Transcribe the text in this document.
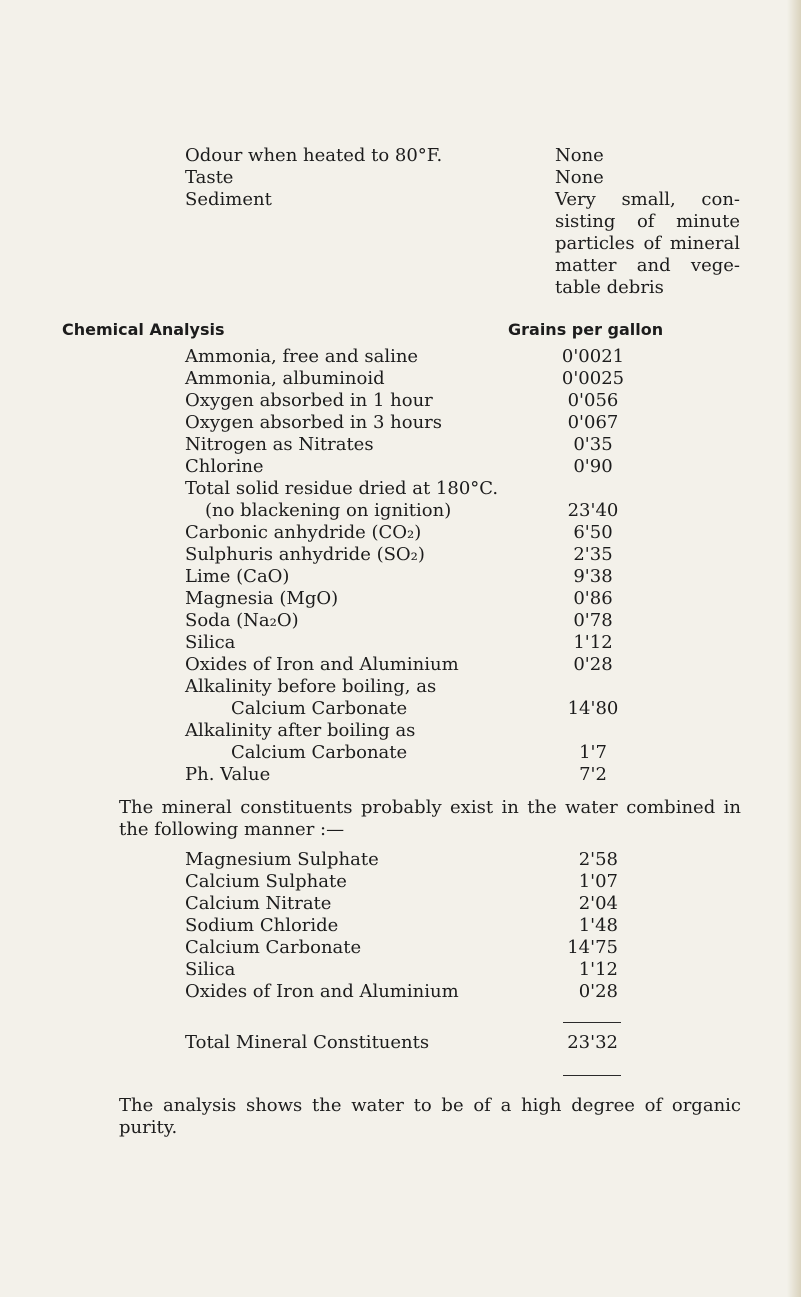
Odour when heated to 80°F.	None
Taste	None
Sediment	Very small, con-
sisting of minute
particles of mineral
matter and vege-
table debris
Chemical Analysis	Grains per gallon
Ammonia, free and saline	0'0021
Ammonia, albuminoid	0'0025
Oxygen absorbed in 1 hour	0'056
Oxygen absorbed in 3 hours	0'067
Nitrogen as Nitrates	0'35
Chlorine	0'90
Total solid residue dried at 180°C.
(no blackening on ignition)	23'40
Carbonic anhydride (CO₂)	6'50
Sulphuris anhydride (SO₂)	2'35
Lime (CaO)	9'38
Magnesia (MgO)	0'86
Soda (Na₂O)	0'78
Silica	1'12
Oxides of Iron and Aluminium	0'28
Alkalinity before boiling, as
Calcium Carbonate	14'80
Alkalinity after boiling as
Calcium Carbonate	1'7
Ph. Value	7'2
The mineral constituents probably exist in the water combined in
the following manner :—
Magnesium Sulphate	2'58
Calcium Sulphate	1'07
Calcium Nitrate	2'04
Sodium Chloride	1'48
Calcium Carbonate	14'75
Silica	1'12
Oxides of Iron and Aluminium	0'28
Total Mineral Constituents	23'32
The analysis shows the water to be of a high degree of organic
purity.
